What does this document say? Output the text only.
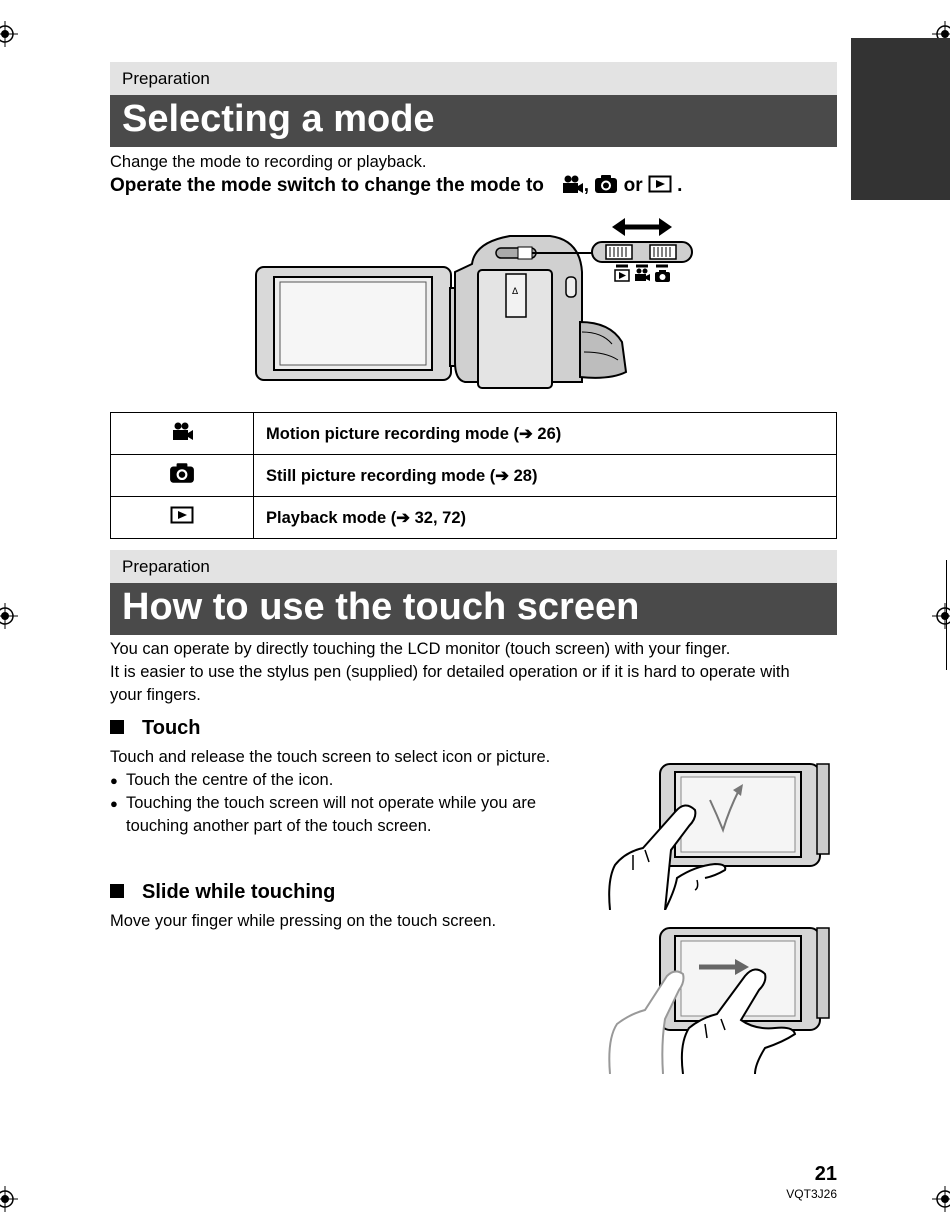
Preparation
Selecting a mode
Change the mode to recording or playback.
Operate the mode switch to change the mode to , or .
Δ
	Motion picture recording mode (➔ 26)
	Still picture recording mode (➔ 28)
	Playback mode (➔ 32, 72)
Preparation
How to use the touch screen
You can operate by directly touching the LCD monitor (touch screen) with your finger.
It is easier to use the stylus pen (supplied) for detailed operation or if it is hard to operate with
your fingers.
Touch
Touch and release the touch screen to select icon or picture.
● Touch the centre of the icon.
● Touching the touch screen will not operate while you are
touching another part of the touch screen.
Slide while touching
Move your finger while pressing on the touch screen.
21
VQT3J26
